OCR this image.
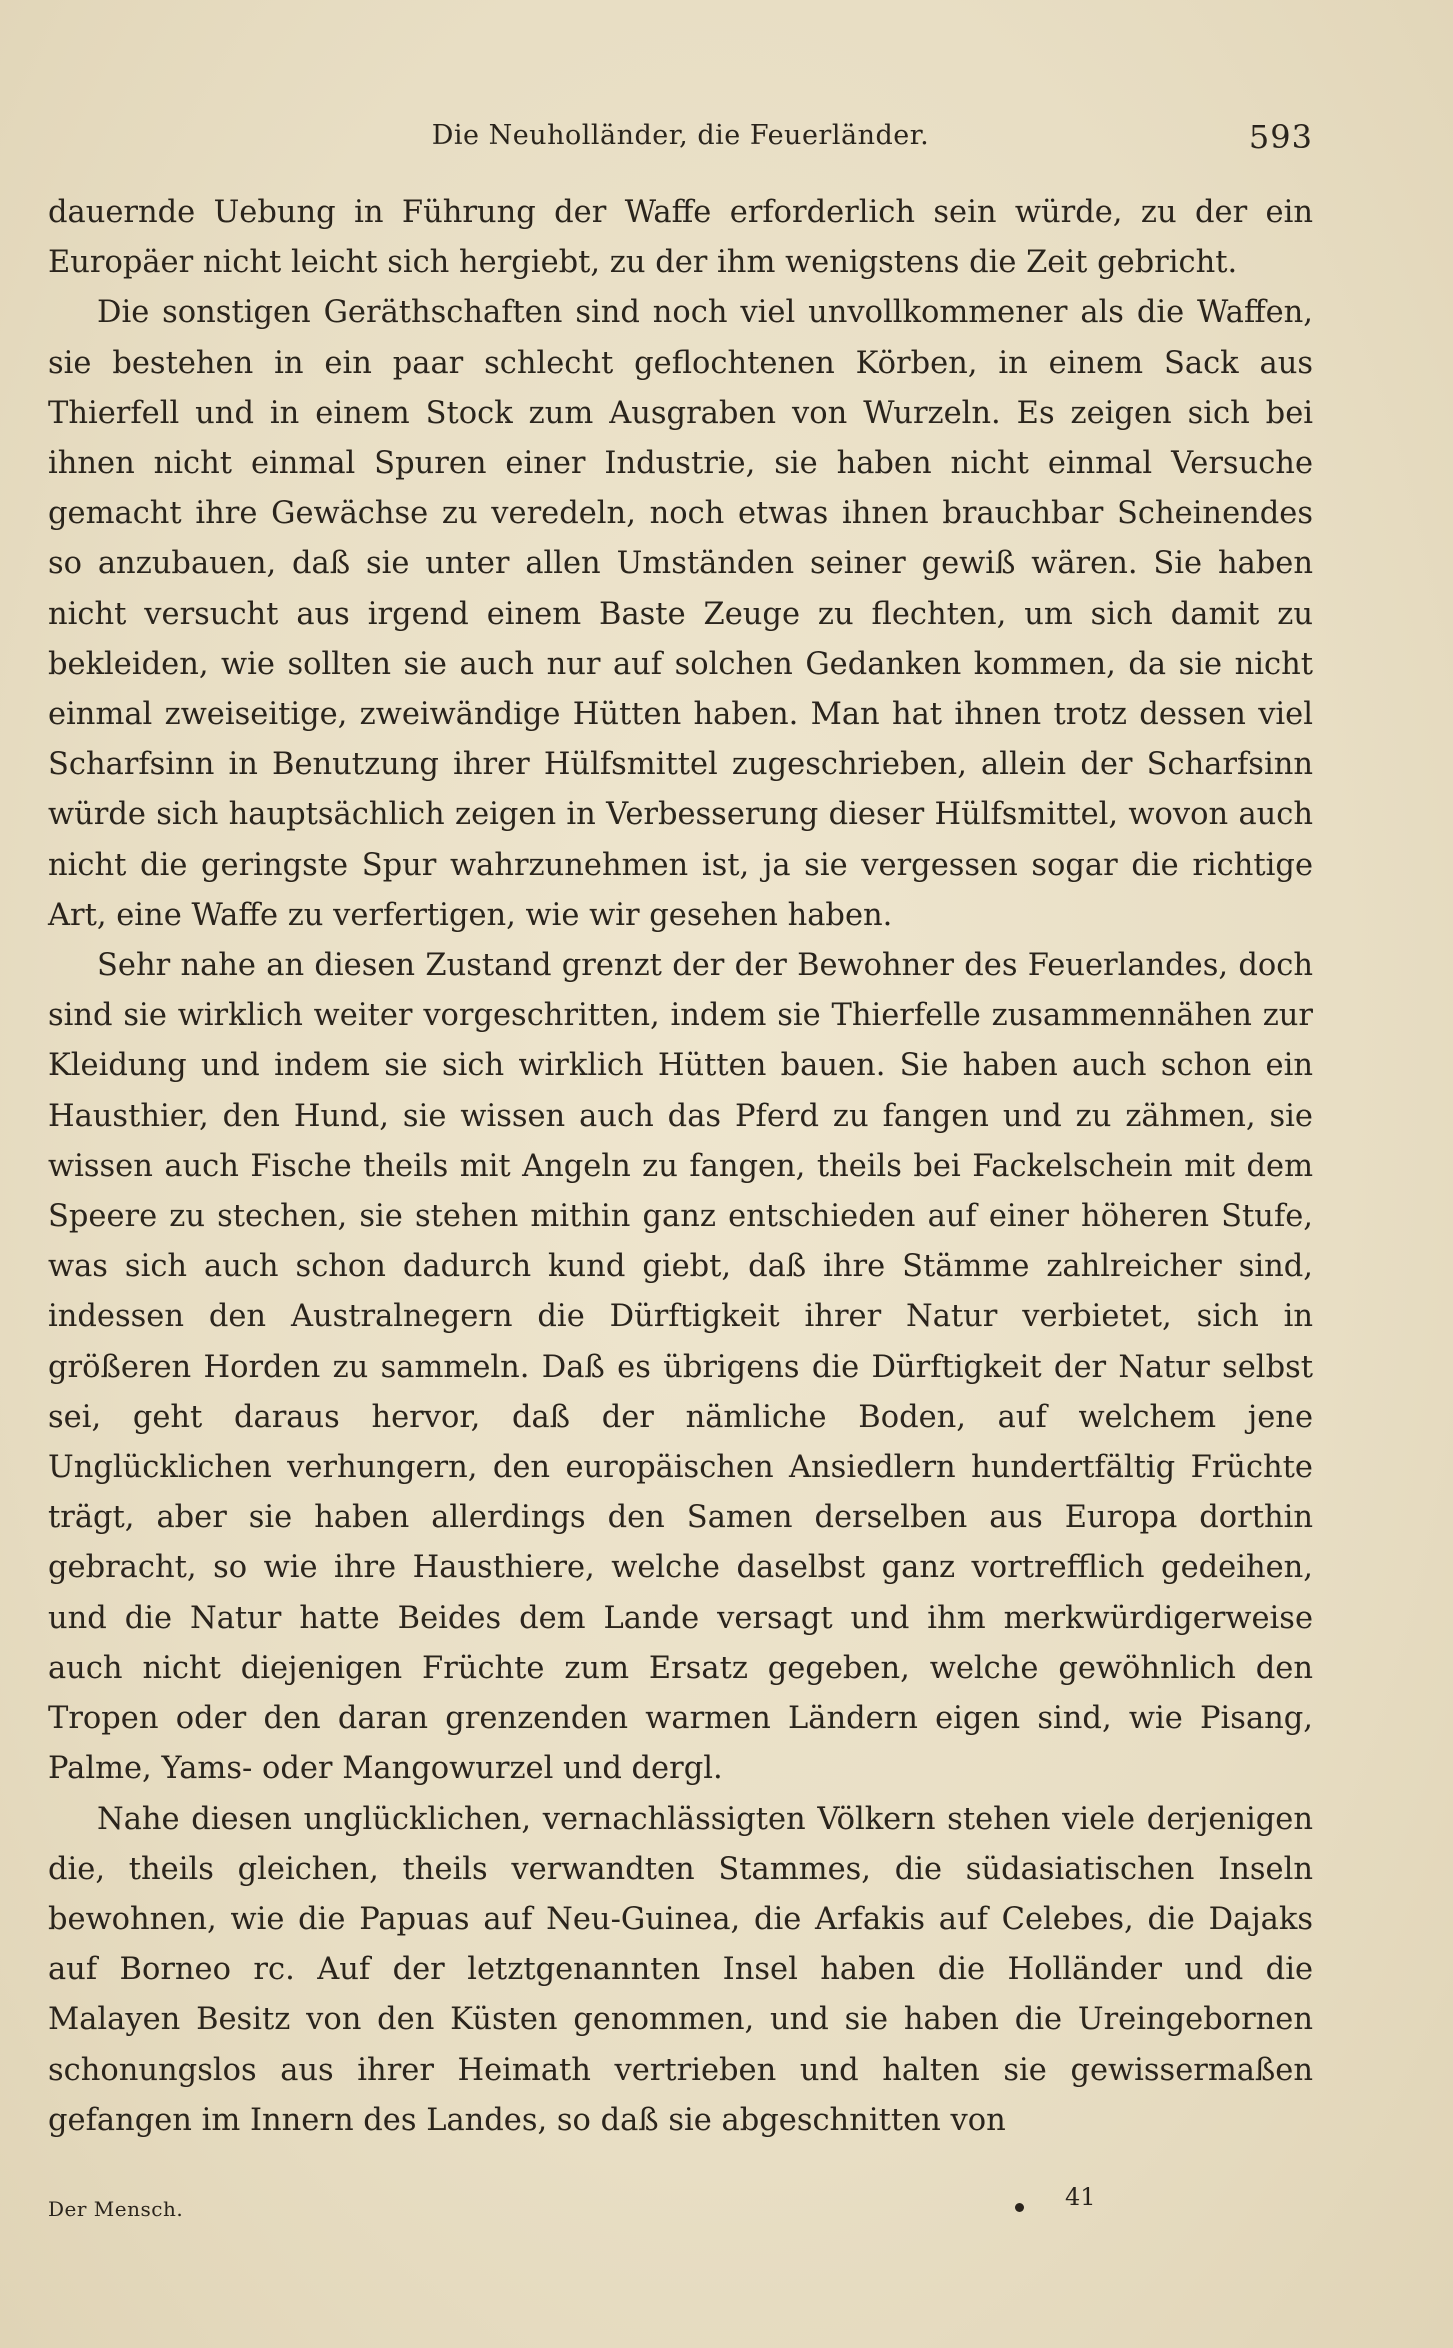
Die Neuholländer, die Feuerländer.	593

dauernde Uebung in Führung der Waffe erforderlich sein würde, zu der ein Europäer nicht leicht sich hergiebt, zu der ihm wenigstens die Zeit gebricht.

Die sonstigen Geräthschaften sind noch viel unvollkommener als die Waffen, sie bestehen in ein paar schlecht geflochtenen Körben, in einem Sack aus Thierfell und in einem Stock zum Ausgraben von Wurzeln. Es zeigen sich bei ihnen nicht einmal Spuren einer Industrie, sie haben nicht einmal Versuche gemacht ihre Gewächse zu veredeln, noch etwas ihnen brauchbar Scheinendes so anzubauen, daß sie unter allen Umständen seiner gewiß wären. Sie haben nicht versucht aus irgend einem Baste Zeuge zu flechten, um sich damit zu bekleiden, wie sollten sie auch nur auf solchen Gedanken kommen, da sie nicht einmal zweiseitige, zweiwändige Hütten haben. Man hat ihnen trotz dessen viel Scharfsinn in Benutzung ihrer Hülfsmittel zugeschrieben, allein der Scharfsinn würde sich hauptsächlich zeigen in Verbesserung dieser Hülfsmittel, wovon auch nicht die geringste Spur wahrzunehmen ist, ja sie vergessen sogar die richtige Art, eine Waffe zu verfertigen, wie wir gesehen haben.

Sehr nahe an diesen Zustand grenzt der der Bewohner des Feuerlandes, doch sind sie wirklich weiter vorgeschritten, indem sie Thierfelle zusammennähen zur Kleidung und indem sie sich wirklich Hütten bauen. Sie haben auch schon ein Hausthier, den Hund, sie wissen auch das Pferd zu fangen und zu zähmen, sie wissen auch Fische theils mit Angeln zu fangen, theils bei Fackelschein mit dem Speere zu stechen, sie stehen mithin ganz entschieden auf einer höheren Stufe, was sich auch schon dadurch kund giebt, daß ihre Stämme zahlreicher sind, indessen den Australnegern die Dürftigkeit ihrer Natur verbietet, sich in größeren Horden zu sammeln. Daß es übrigens die Dürftigkeit der Natur selbst sei, geht daraus hervor, daß der nämliche Boden, auf welchem jene Unglücklichen verhungern, den europäischen Ansiedlern hundertfältig Früchte trägt, aber sie haben allerdings den Samen derselben aus Europa dorthin gebracht, so wie ihre Hausthiere, welche daselbst ganz vortrefflich gedeihen, und die Natur hatte Beides dem Lande versagt und ihm merkwürdigerweise auch nicht diejenigen Früchte zum Ersatz gegeben, welche gewöhnlich den Tropen oder den daran grenzenden warmen Ländern eigen sind, wie Pisang, Palme, Yams- oder Mangowurzel und dergl.

Nahe diesen unglücklichen, vernachlässigten Völkern stehen viele derjenigen die, theils gleichen, theils verwandten Stammes, die südasiatischen Inseln bewohnen, wie die Papuas auf Neu-Guinea, die Arfakis auf Celebes, die Dajaks auf Borneo rc. Auf der letztgenannten Insel haben die Holländer und die Malayen Besitz von den Küsten genommen, und sie haben die Ureingebornen schonungslos aus ihrer Heimath vertrieben und halten sie gewissermaßen gefangen im Innern des Landes, so daß sie abgeschnitten von

Der Mensch.	41
